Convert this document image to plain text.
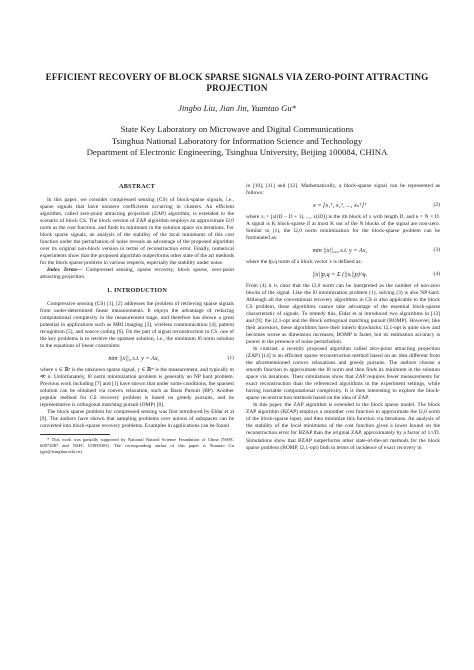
EFFICIENT RECOVERY OF BLOCK SPARSE SIGNALS VIA ZERO-POINT ATTRACTING
PROJECTION
Jingbo Liu, Jian Jin, Yuantao Gu*
State Key Laboratory on Microwave and Digital Communications
Tsinghua National Laboratory for Information Science and Technology
Department of Electronic Engineering, Tsinghua University, Beijing 100084, CHINA
ABSTRACT

In this paper, we consider compressed sensing (CS) of block-sparse signals, i.e., sparse signals that have nonzero coefficients occurring in clusters. An efficient algorithm, called zero-point attracting projection (ZAP) algorithm, is extended to the scenario of block CS. The block version of ZAP algorithm employs an approximate l2,0 norm as the cost function, and finds its minimum in the solution space via iterations. For block sparse signals, an analysis of the stability of the local minimums of this cost function under the perturbation of noise reveals an advantage of the proposed algorithm over its original non-block version in terms of reconstruction error. Finally, numerical experiments show that the proposed algorithm outperforms other state of the art methods for the block sparse problem in various respects, especially the stability under noise.

Index Terms— Compressed sensing, sparse recovery, block sparse, zero-point attracting projection.

1. INTRODUCTION

Compressive sensing (CS) [1], [2] addresses the problem of retrieving sparse signals from under-determined linear measurements. It enjoys the advantage of reducing computational complexity in the measurement stage, and therefore has shown a great potential in applications such as MRI imaging [3], wireless communication [4], pattern recognition [5], and source coding [6]. On the part of signal reconstruction in CS, one of the key problems is to retrieve the sparsest solution, i.e., the minimum l0 norm solution to the equations of linear constraints:

min ||x||₀ s.t. y = Ax,	(1)

where x ∈ ℝⁿ is the unknown sparse signal, y ∈ ℝᵐ is the measurement, and typically m ≪ n. Unfortunately, l0 norm minimization problem is generally an NP hard problem. Previous work including [7] and [1] have shown that under some conditions, the sparsest solution can be obtained via convex relaxation, such as Basis Pursuit (BP). Another popular method for CS recovery problem is based on greedy pursuits, and its representative is orthogonal matching pursuit (OMP) [8].

The block sparse problem for compressed sensing was first introduced by Eldar et al [9]. The authors have shown that sampling problems over unions of subspaces can be converted into block-sparse recovery problems. Examples in applications can be found

* This work was partially supported by National Natural Science Foundation of China (NSFC 60872087 and NSFC U0835003). The corresponding author of this paper is Yuantao Gu (gyt@tsinghua.edu.cn).

in [10], [11] and [12]. Mathematically, a block-sparse signal can be represented as follows:

x = [x₁ᵀ, x₂ᵀ, ..., xₙᵀ]ᵀ	(2)

where xᵢ = [x(iD − D + 1), ..., x(iD)] is the ith block of x with length D, and n = N × D. A signal is K block-sparse if at most K out of the N blocks of the signal are non-zero. Similar to (1), the l2,0 norm minimization for the block-sparse problem can be formulated as:

min ||x||₂,₀ s.t. y = Ax,	(3)

where the lp,q norm of a block vector x is defined as:

||x||p,q = Σ (||xᵢ||p)^q.	(4)

From (4) it is clear that the l2,0 norm can be interpreted as the number of non-zero blocks of the signal. Like the l0 minimization problem (1), solving (3) is also NP-hard. Although all the conventional recovery algorithms in CS is also applicable to the block CS problem, these algorithms cannot take advantage of the essential block-sparse characteristic of signals. To remedy this, Eldar et al introduced two algorithms in [13] and [9]: the l2,1-opt and the Block orthogonal matching pursuit (BOMP). However, like their ancestors, these algorithms have their inherit drawbacks: l2,1-opt is quite slow and becomes worse as dimension increases; BOMP is faster, but its estimation accuracy is poorer in the presence of noise perturbation.

In contrast, a recently proposed algorithm called zero-point attracting projection (ZAP) [14] is an efficient sparse reconstruction method based on an idea different from the aforementioned convex relaxations and greedy pursuits. The authors choose a smooth function to approximate the l0 norm and then finds its minimum in the solution space via iterations. Their simulations show that ZAP requires fewer measurements for exact reconstruction than the referenced algorithms in the experiment settings, while having tractable computational complexity. It is then interesting to explore the block-sparse reconstruction methods based on the idea of ZAP.

In this paper, the ZAP algorithm is extended to the block sparse model. The block ZAP algorithm (BZAP) employs a smoother cost function to approximate the l2,0 norm of the block-sparse input, and then minimize this function via iterations. An analysis of the stability of the local minimums of the cost function gives a lower bound on the reconstruction error for BZAP than the original ZAP, approximately by a factor of 1/√D. Simulations show that BZAP outperforms other state-of-the-art methods for the block sparse problem (BOMP, l2,1-opt) both in terms of incidence of exact recovery in
